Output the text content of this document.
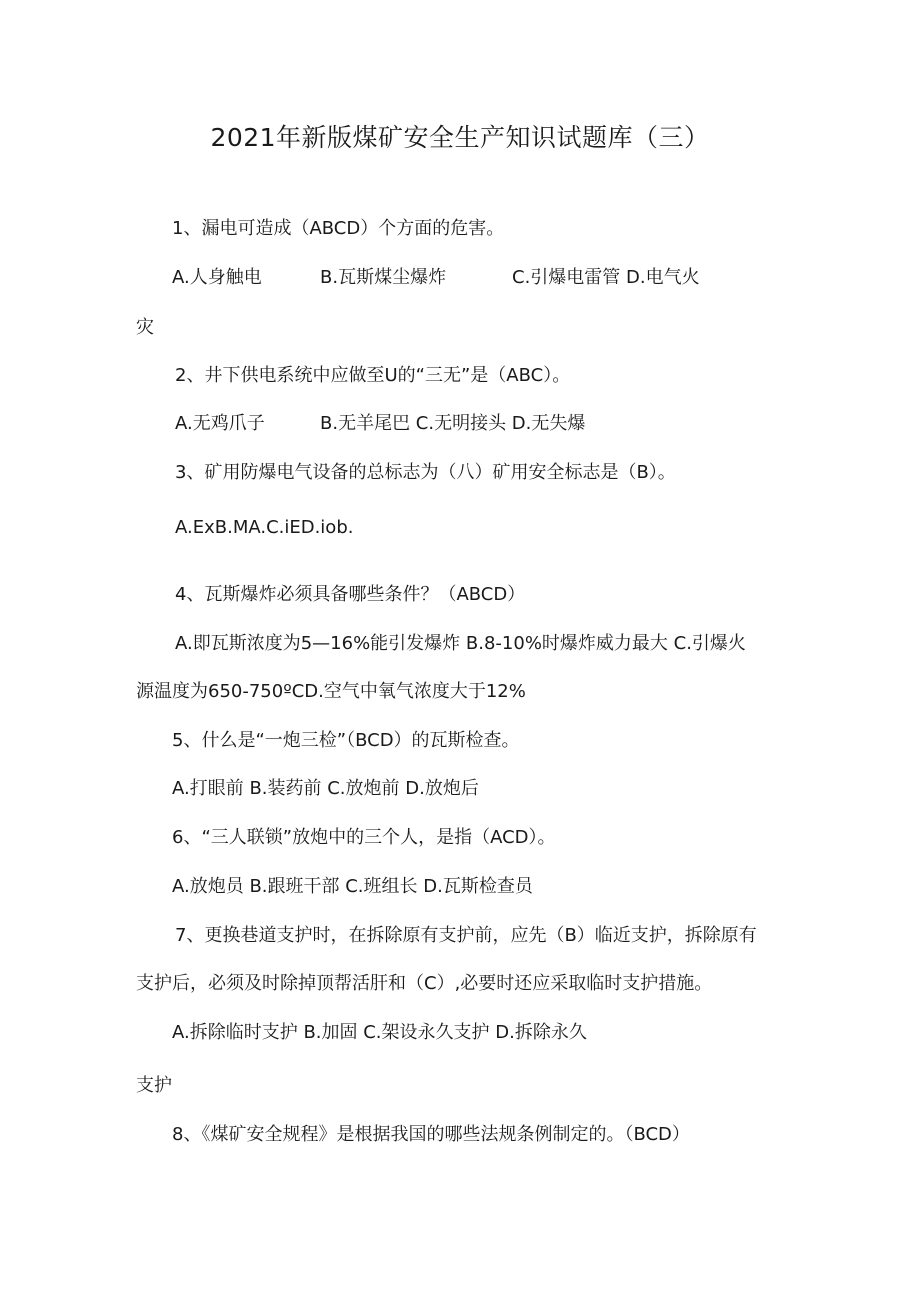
2021年新版煤矿安全生产知识试题库（三）
1、漏电可造成（ABCD）个方面的危害。
A.人身触电	B.瓦斯煤尘爆炸	C.引爆电雷管 D.电气火
灾
2、井下供电系统中应做至U的“三无”是（ABC）。
A.无鸡爪子	B.无羊尾巴 C.无明接头 D.无失爆
3、矿用防爆电气设备的总标志为（八）矿用安全标志是（B）。
A.ExB.MA.C.iED.iob.
4、瓦斯爆炸必须具备哪些条件？（ABCD）
A.即瓦斯浓度为5—16%能引发爆炸 B.8-10%时爆炸威力最大 C.引爆火
源温度为650-750ºCD.空气中氧气浓度大于12%
5、什么是“一炮三检”（BCD）的瓦斯检查。
A.打眼前 B.装药前 C.放炮前 D.放炮后
6、“三人联锁”放炮中的三个人，是指（ACD）。
A.放炮员 B.跟班干部 C.班组长 D.瓦斯检查员
7、更换巷道支护时，在拆除原有支护前，应先（B）临近支护，拆除原有
支护后，必须及时除掉顶帮活肝和（C）,必要时还应采取临时支护措施。
A.拆除临时支护 B.加固 C.架设永久支护 D.拆除永久
支护
8、《煤矿安全规程》是根据我国的哪些法规条例制定的。（BCD）
